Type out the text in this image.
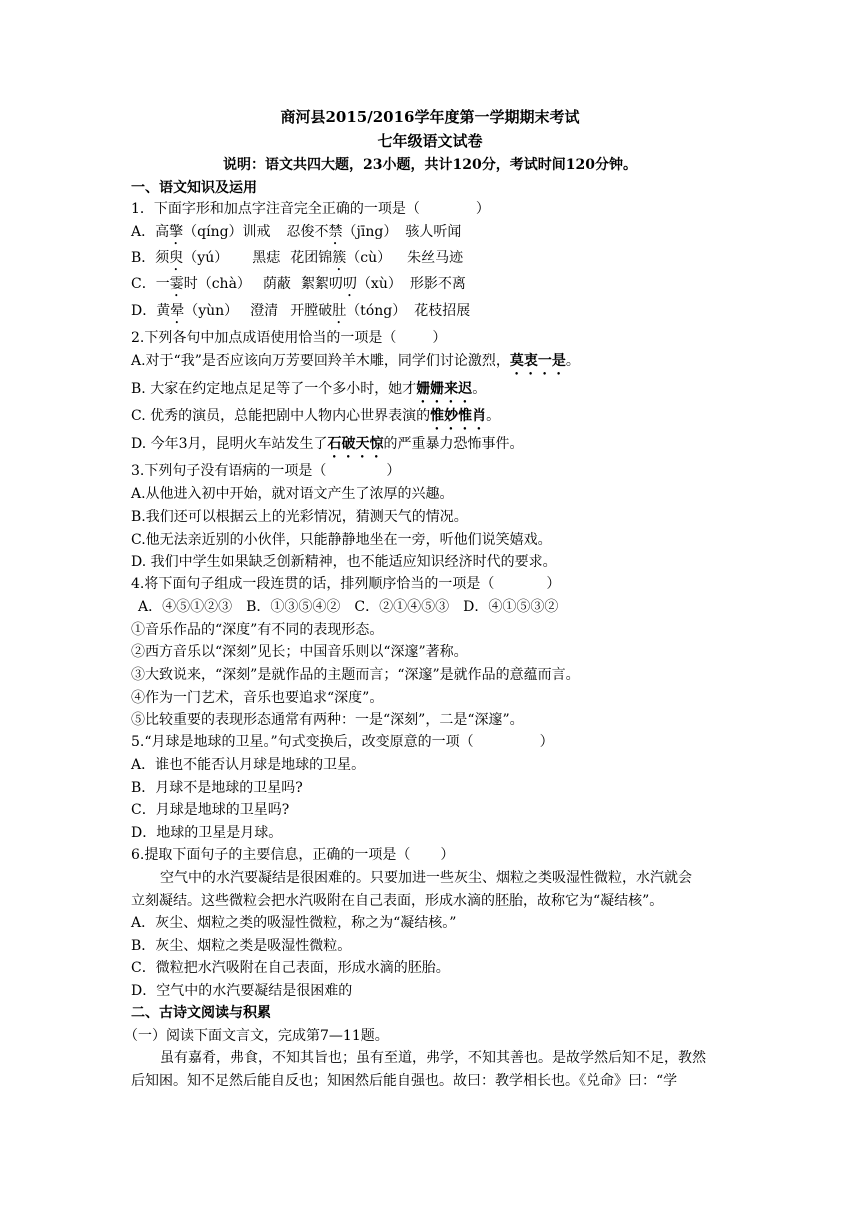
商河县2015/2016学年度第一学期期末考试
七年级语文试卷
说明：语文共四大题，23小题，共计120分，考试时间120分钟。
一、语文知识及运用
1．下面字形和加点字注音完全正确的一项是（	）
A．高擎（qíng）训戒 忍俊不禁（jīng） 骇人听闻
B．须臾（yú） 黑痣 花团锦簇（cù） 朱丝马迹
C．一霎时（chà） 荫蔽 絮絮叨叨（xù） 形影不离
D．黄晕（yùn） 澄清 开膛破肚（tóng） 花枝招展
2.下列各句中加点成语使用恰当的一项是（	）
A.对于“我”是否应该向万芳要回羚羊木雕，同学们讨论激烈，莫衷一是。
B. 大家在约定地点足足等了一个多小时，她才姗姗来迟。
C. 优秀的演员，总能把剧中人物内心世界表演的惟妙惟肖。
D. 今年3月，昆明火车站发生了石破天惊的严重暴力恐怖事件。
3.下列句子没有语病的一项是（	）
A.从他进入初中开始，就对语文产生了浓厚的兴趣。
B.我们还可以根据云上的光彩情况，猜测天气的情况。
C.他无法亲近别的小伙伴，只能静静地坐在一旁，听他们说笑嬉戏。
D. 我们中学生如果缺乏创新精神，也不能适应知识经济时代的要求。
4.将下面句子组成一段连贯的话，排列顺序恰当的一项是（	）
A．④⑤①②③　B．①③⑤④②　C．②①④⑤③　D．④①⑤③②
①音乐作品的“深度”有不同的表现形态。
②西方音乐以“深刻”见长；中国音乐则以“深邃”著称。
③大致说来，“深刻”是就作品的主题而言；“深邃”是就作品的意蕴而言。
④作为一门艺术，音乐也要追求“深度”。
⑤比较重要的表现形态通常有两种：一是“深刻”，二是“深邃”。
5.“月球是地球的卫星。”句式变换后，改变原意的一项（	）
A．谁也不能否认月球是地球的卫星。
B．月球不是地球的卫星吗?
C．月球是地球的卫星吗?
D．地球的卫星是月球。
6.提取下面句子的主要信息，正确的一项是（ ）
空气中的水汽要凝结是很困难的。只要加进一些灰尘、烟粒之类吸湿性微粒，水汽就会
立刻凝结。这些微粒会把水汽吸附在自己表面，形成水滴的胚胎，故称它为“凝结核”。
A．灰尘、烟粒之类的吸湿性微粒，称之为“凝结核。”
B．灰尘、烟粒之类是吸湿性微粒。
C．微粒把水汽吸附在自己表面，形成水滴的胚胎。
D．空气中的水汽要凝结是很困难的
二、古诗文阅读与积累
（一）阅读下面文言文，完成第7—11题。
虽有嘉肴，弗食，不知其旨也；虽有至道，弗学，不知其善也。是故学然后知不足，教然
后知困。知不足然后能自反也；知困然后能自强也。故曰：教学相长也。《兑命》曰：“学
